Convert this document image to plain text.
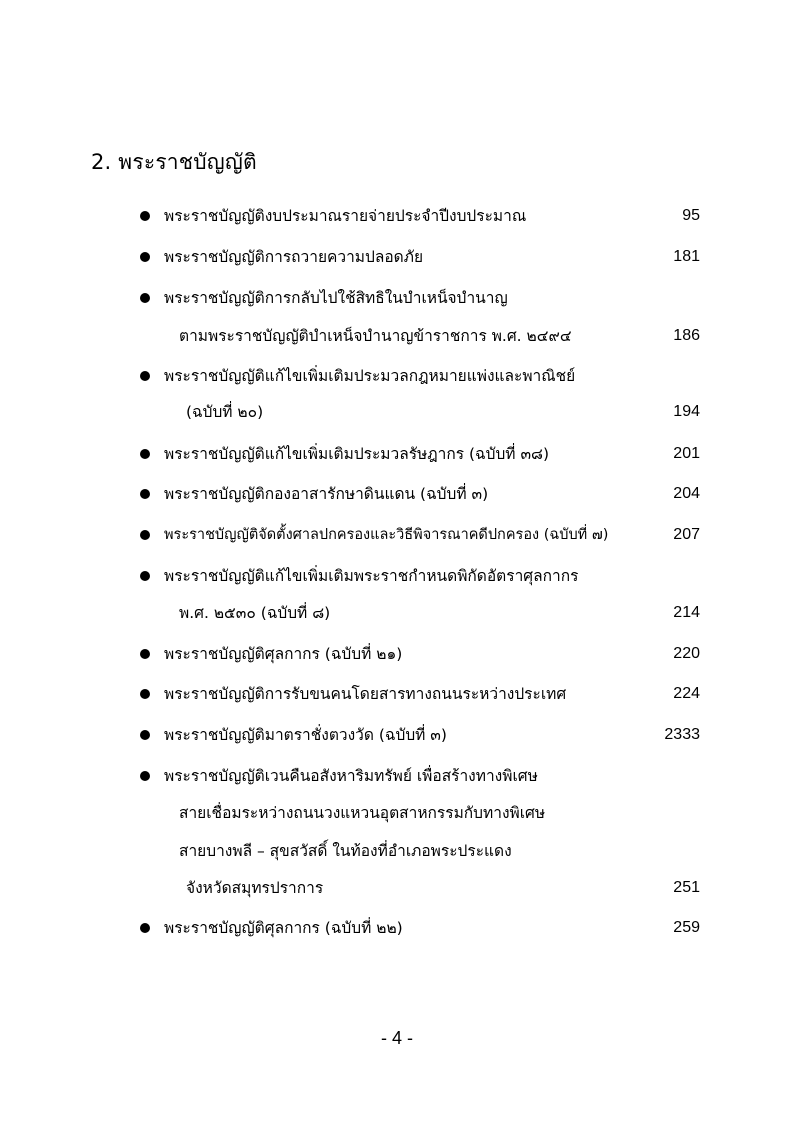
2. พระราชบัญญัติ
พระราชบัญญัติงบประมาณรายจ่ายประจำปีงบประมาณ	95
พระราชบัญญัติการถวายความปลอดภัย	181
พระราชบัญญัติการกลับไปใช้สิทธิในบำเหน็จบำนาญ
ตามพระราชบัญญัติบำเหน็จบำนาญข้าราชการ พ.ศ. ๒๔๙๔	186
พระราชบัญญัติแก้ไขเพิ่มเติมประมวลกฎหมายแพ่งและพาณิชย์
(ฉบับที่ ๒๐)	194
พระราชบัญญัติแก้ไขเพิ่มเติมประมวลรัษฎากร (ฉบับที่ ๓๘)	201
พระราชบัญญัติกองอาสารักษาดินแดน (ฉบับที่ ๓)	204
พระราชบัญญัติจัดตั้งศาลปกครองและวิธีพิจารณาคดีปกครอง (ฉบับที่ ๗)	207
พระราชบัญญัติแก้ไขเพิ่มเติมพระราชกำหนดพิกัดอัตราศุลกากร
พ.ศ. ๒๕๓๐ (ฉบับที่ ๘)	214
พระราชบัญญัติศุลกากร (ฉบับที่ ๒๑)	220
พระราชบัญญัติการรับขนคนโดยสารทางถนนระหว่างประเทศ	224
พระราชบัญญัติมาตราชั่งตวงวัด (ฉบับที่ ๓)	2333
พระราชบัญญัติเวนคืนอสังหาริมทรัพย์ เพื่อสร้างทางพิเศษ
สายเชื่อมระหว่างถนนวงแหวนอุตสาหกรรมกับทางพิเศษ
สายบางพลี – สุขสวัสดิ์ ในท้องที่อำเภอพระประแดง
จังหวัดสมุทรปราการ	251
พระราชบัญญัติศุลกากร (ฉบับที่ ๒๒)	259
- 4 -
